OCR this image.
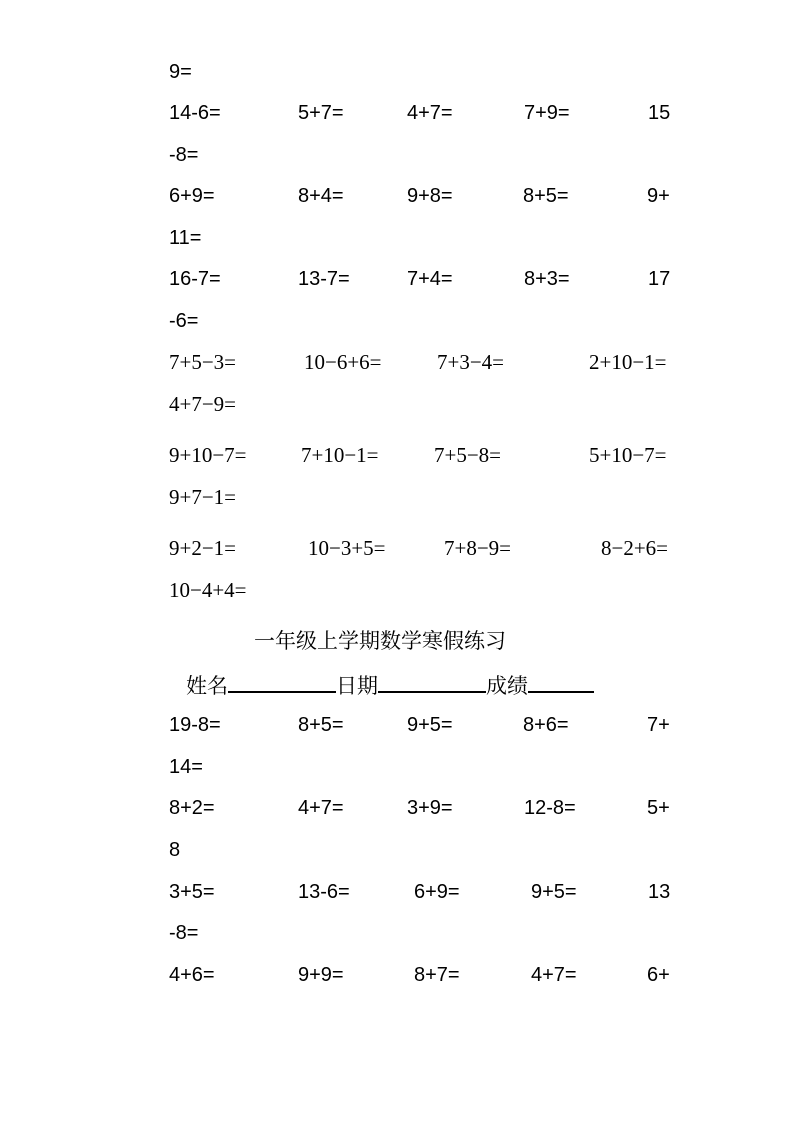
9=
14-6=	5+7=	4+7=	7+9=	15
-8=
6+9=	8+4=	9+8=	8+5=	9+
11=
16-7=	13-7=	7+4=	8+3=	17
-6=
7+5−3=	10−6+6=	7+3−4=	2+10−1=
4+7−9=
9+10−7=	7+10−1=	7+5−8=	5+10−7=
9+7−1=
9+2−1=	10−3+5=	7+8−9=	8−2+6=
10−4+4=
一年级上学期数学寒假练习
姓名	日期	成绩
19-8=	8+5=	9+5=	8+6=	7+
14=
8+2=	4+7=	3+9=	12-8=	5+
8
3+5=	13-6=	6+9=	9+5=	13
-8=
4+6=	9+9=	8+7=	4+7=	6+
